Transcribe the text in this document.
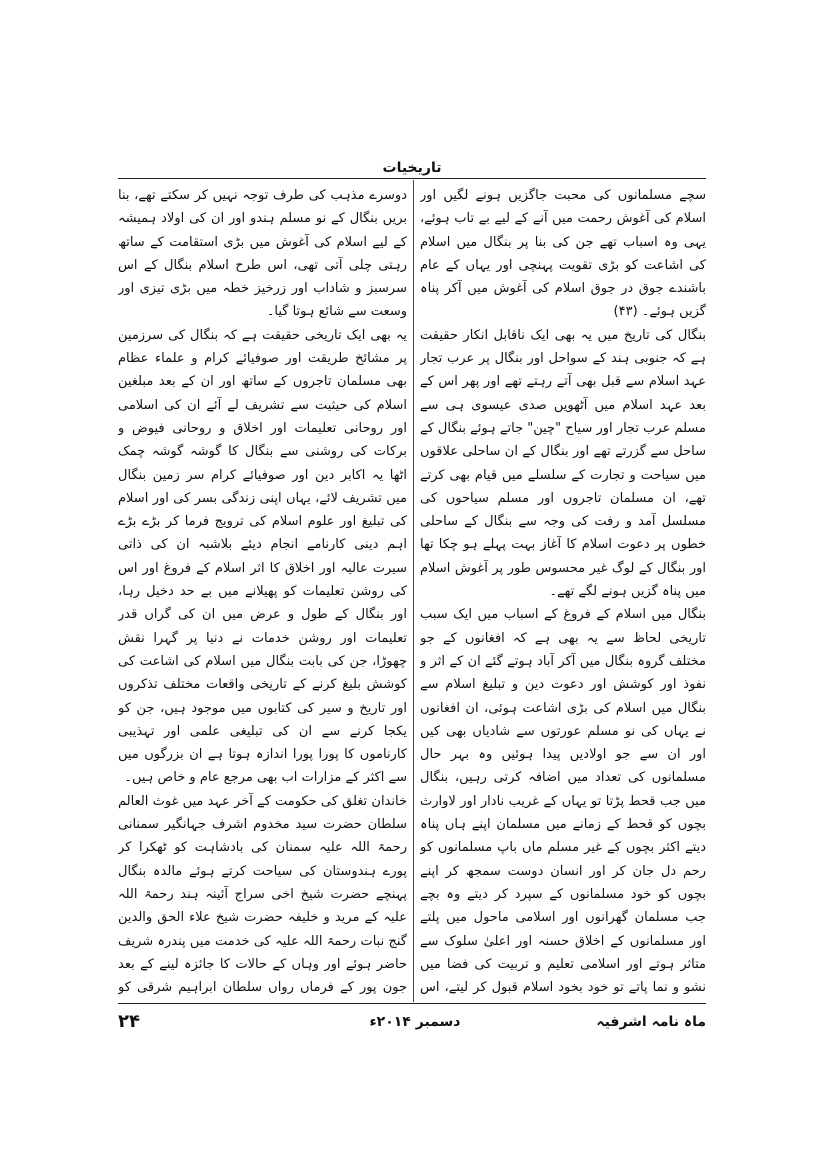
تاریخیات

سچے مسلمانوں کی محبت جاگزیں ہونے لگیں اور اسلام کی آغوش رحمت میں آنے کے لیے بے تاب ہوئے، یہی وہ اسباب تھے جن کی بنا پر بنگال میں اسلام کی اشاعت کو بڑی تقویت پہنچی اور یہاں کے عام باشندے جوق در جوق اسلام کی آغوش میں آکر پناہ گزیں ہوئے۔ (۴۳)

بنگال کی تاریخ میں یہ بھی ایک ناقابل انکار حقیقت ہے کہ جنوبی ہند کے سواحل اور بنگال پر عرب تجار عہد اسلام سے قبل بھی آتے رہتے تھے اور پھر اس کے بعد عہد اسلام میں آٹھویں صدی عیسوی ہی سے مسلم عرب تجار اور سیاح "چین" جاتے ہوئے بنگال کے ساحل سے گزرتے تھے اور بنگال کے ان ساحلی علاقوں میں سیاحت و تجارت کے سلسلے میں قیام بھی کرتے تھے، ان مسلمان تاجروں اور مسلم سیاحوں کی مسلسل آمد و رفت کی وجہ سے بنگال کے ساحلی خطوں پر دعوت اسلام کا آغاز بہت پہلے ہو چکا تھا اور بنگال کے لوگ غیر محسوس طور پر آغوش اسلام میں پناہ گزیں ہونے لگے تھے۔

بنگال میں اسلام کے فروغ کے اسباب میں ایک سبب تاریخی لحاظ سے یہ بھی ہے کہ افغانوں کے جو مختلف گروہ بنگال میں آکر آباد ہوتے گئے ان کے اثر و نفوذ اور کوشش اور دعوت دین و تبلیغ اسلام سے بنگال میں اسلام کی بڑی اشاعت ہوئی، ان افغانوں نے یہاں کی نو مسلم عورتوں سے شادیاں بھی کیں اور ان سے جو اولادیں پیدا ہوئیں وہ بہر حال مسلمانوں کی تعداد میں اضافہ کرتی رہیں، بنگال میں جب قحط پڑتا تو یہاں کے غریب نادار اور لاوارث بچوں کو قحط کے زمانے میں مسلمان اپنے ہاں پناہ دیتے اکثر بچوں کے غیر مسلم ماں باپ مسلمانوں کو رحم دل جان کر اور انسان دوست سمجھ کر اپنے بچوں کو خود مسلمانوں کے سپرد کر دیتے وہ بچے جب مسلمان گھرانوں اور اسلامی ماحول میں پلتے اور مسلمانوں کے اخلاق حسنہ اور اعلیٰ سلوک سے متاثر ہوتے اور اسلامی تعلیم و تربیت کی فضا میں نشو و نما پاتے تو خود بخود اسلام قبول کر لیتے، اس

دوسرے مذہب کی طرف توجہ نہیں کر سکتے تھے، بنا بریں بنگال کے نو مسلم ہندو اور ان کی اولاد ہمیشہ کے لیے اسلام کی آغوش میں بڑی استقامت کے ساتھ رہتی چلی آتی تھی، اس طرح اسلام بنگال کے اس سرسبز و شاداب اور زرخیز خطہ میں بڑی تیزی اور وسعت سے شائع ہوتا گیا۔

یہ بھی ایک تاریخی حقیقت ہے کہ بنگال کی سرزمین پر مشائخ طریقت اور صوفیائے کرام و علماء عظام بھی مسلمان تاجروں کے ساتھ اور ان کے بعد مبلغین اسلام کی حیثیت سے تشریف لے آئے ان کی اسلامی اور روحانی تعلیمات اور اخلاق و روحانی فیوض و برکات کی روشنی سے بنگال کا گوشہ گوشہ چمک اٹھا یہ اکابر دین اور صوفیائے کرام سر زمین بنگال میں تشریف لائے، یہاں اپنی زندگی بسر کی اور اسلام کی تبلیغ اور علوم اسلام کی ترویج فرما کر بڑے بڑے اہم دینی کارنامے انجام دیئے بلاشبہ ان کی ذاتی سیرت عالیہ اور اخلاق کا اثر اسلام کے فروغ اور اس کی روشن تعلیمات کو پھیلانے میں بے حد دخیل رہا، اور بنگال کے طول و عرض میں ان کی گراں قدر تعلیمات اور روشن خدمات نے دنیا پر گہرا نقش چھوڑا، جن کی بابت بنگال میں اسلام کی اشاعت کی کوشش بلیغ کرنے کے تاریخی واقعات مختلف تذکروں اور تاریخ و سیر کی کتابوں میں موجود ہیں، جن کو یکجا کرنے سے ان کی تبلیغی علمی اور تہذیبی کارناموں کا پورا پورا اندازہ ہوتا ہے ان بزرگوں میں سے اکثر کے مزارات اب بھی مرجع عام و خاص ہیں۔

خاندان تغلق کی حکومت کے آخر عہد میں غوث العالم سلطان حضرت سید مخدوم اشرف جہانگیر سمنانی رحمۃ اللہ علیہ سمنان کی بادشاہت کو ٹھکرا کر پورے ہندوستان کی سیاحت کرتے ہوئے مالدہ بنگال پہنچے حضرت شیخ اخی سراج آئینہ ہند رحمۃ اللہ علیہ کے مرید و خلیفہ حضرت شیخ علاء الحق والدین گنج نبات رحمۃ اللہ علیہ کی خدمت میں پندرہ شریف حاضر ہوئے اور وہاں کے حالات کا جائزہ لینے کے بعد جون پور کے فرماں رواں سلطان ابراہیم شرقی کو

ماہ نامہ اشرفیہ
دسمبر ۲۰۱۴ء
۲۴
